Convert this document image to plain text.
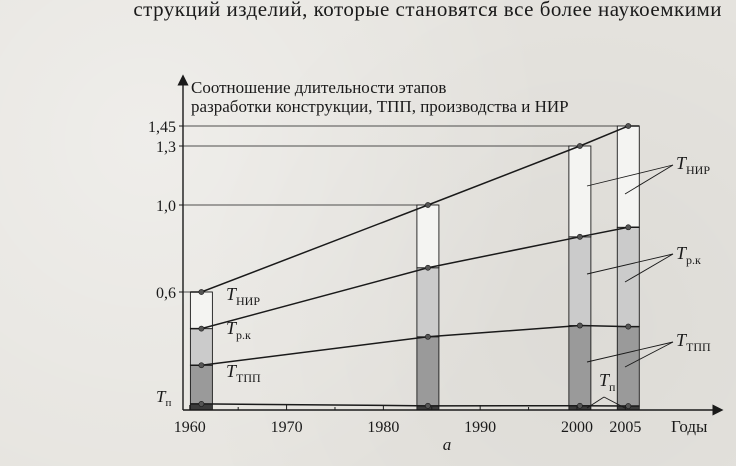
струкций изделий, которые становятся все более наукоемкими
Соотношение длительности этапов
разработки конструкции, ТПП, производства и НИР
1960	1970	1980	1990	2000 2005 Годы
а
0,6
1,0
1,3
1,45
$T_п$
$T_{НИР}$
$T_{р.к}$
$T_{ТПП}$
$T_{НИР}$
$T_{р.к}$
$T_{ТПП}$
$T_п$
